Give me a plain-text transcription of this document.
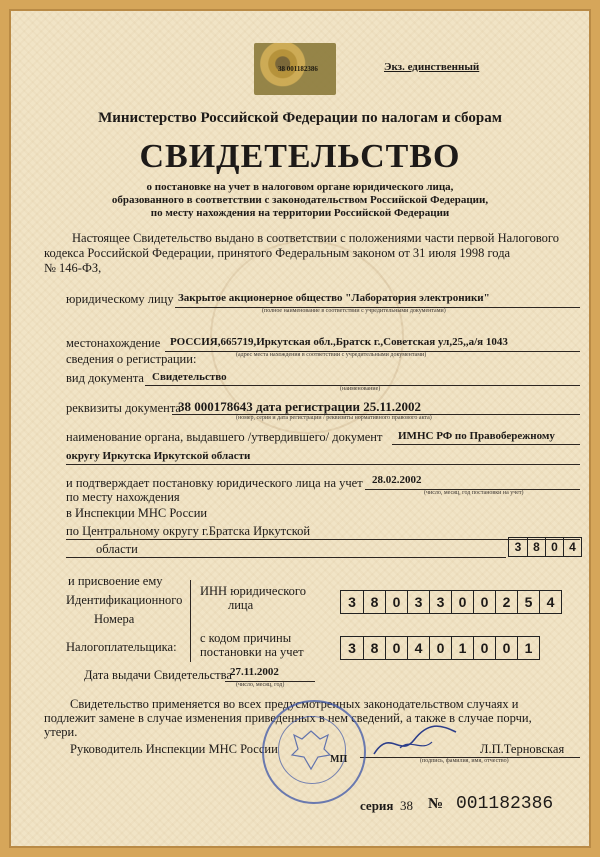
38 001182386	Экз. единственный
Министерство Российской Федерации по налогам и сборам
СВИДЕТЕЛЬСТВО
о постановке на учет в налоговом органе юридического лица,
образованного в соответствии с законодательством Российской Федерации,
по месту нахождения на территории Российской Федерации
Настоящее Свидетельство выдано в соответствии с положениями части первой Налогового
кодекса Российской Федерации, принятого Федеральным законом от 31 июля 1998 года
№ 146-ФЗ,
юридическому лицу Закрытое акционерное общество "Лаборатория электроники"
(полное наименование в соответствии с учредительными документами)
местонахождение РОССИЯ,665719,Иркутская обл.,Братск г.,Советская ул,25,,а/я 1043
(адрес места нахождения в соответствии с учредительными документами)
сведения о регистрации:
вид документа Свидетельство
(наименование)
реквизиты документа
38 000178643 дата регистрации 25.11.2002
(номер, серия и дата регистрации / реквизиты нормативного правового акта)
наименование органа, выдавшего /утвердившего/ документ ИМНС РФ по Правобережному
округу Иркутска Иркутской области
и подтверждает постановку юридического лица на учет 28.02.2002
(число, месяц, год постановки на учет)
по месту нахождения
в Инспекции МНС России
по Центральному округу г.Братска Иркутской
области	3 8 0 4
и присвоение ему
Идентификационного
Номера
Налогоплательщика:
ИНН юридического
лица	3	8	0	3	3	0	0	2	5	4
с кодом причины
постановки на учет	3	8	0	4	0	1	0	0	1
Дата выдачи Свидетельства
27.11.2002
(число, месяц, год)
Свидетельство применяется во всех предусмотренных законодательством случаях и
подлежит замене в случае изменения приведенных в нем сведений, а также в случае порчи,
утери.
Руководитель Инспекции МНС России	Л.П.Терновская
(подпись, фамилия, имя, отчество)
МП
серия 38 № 001182386
